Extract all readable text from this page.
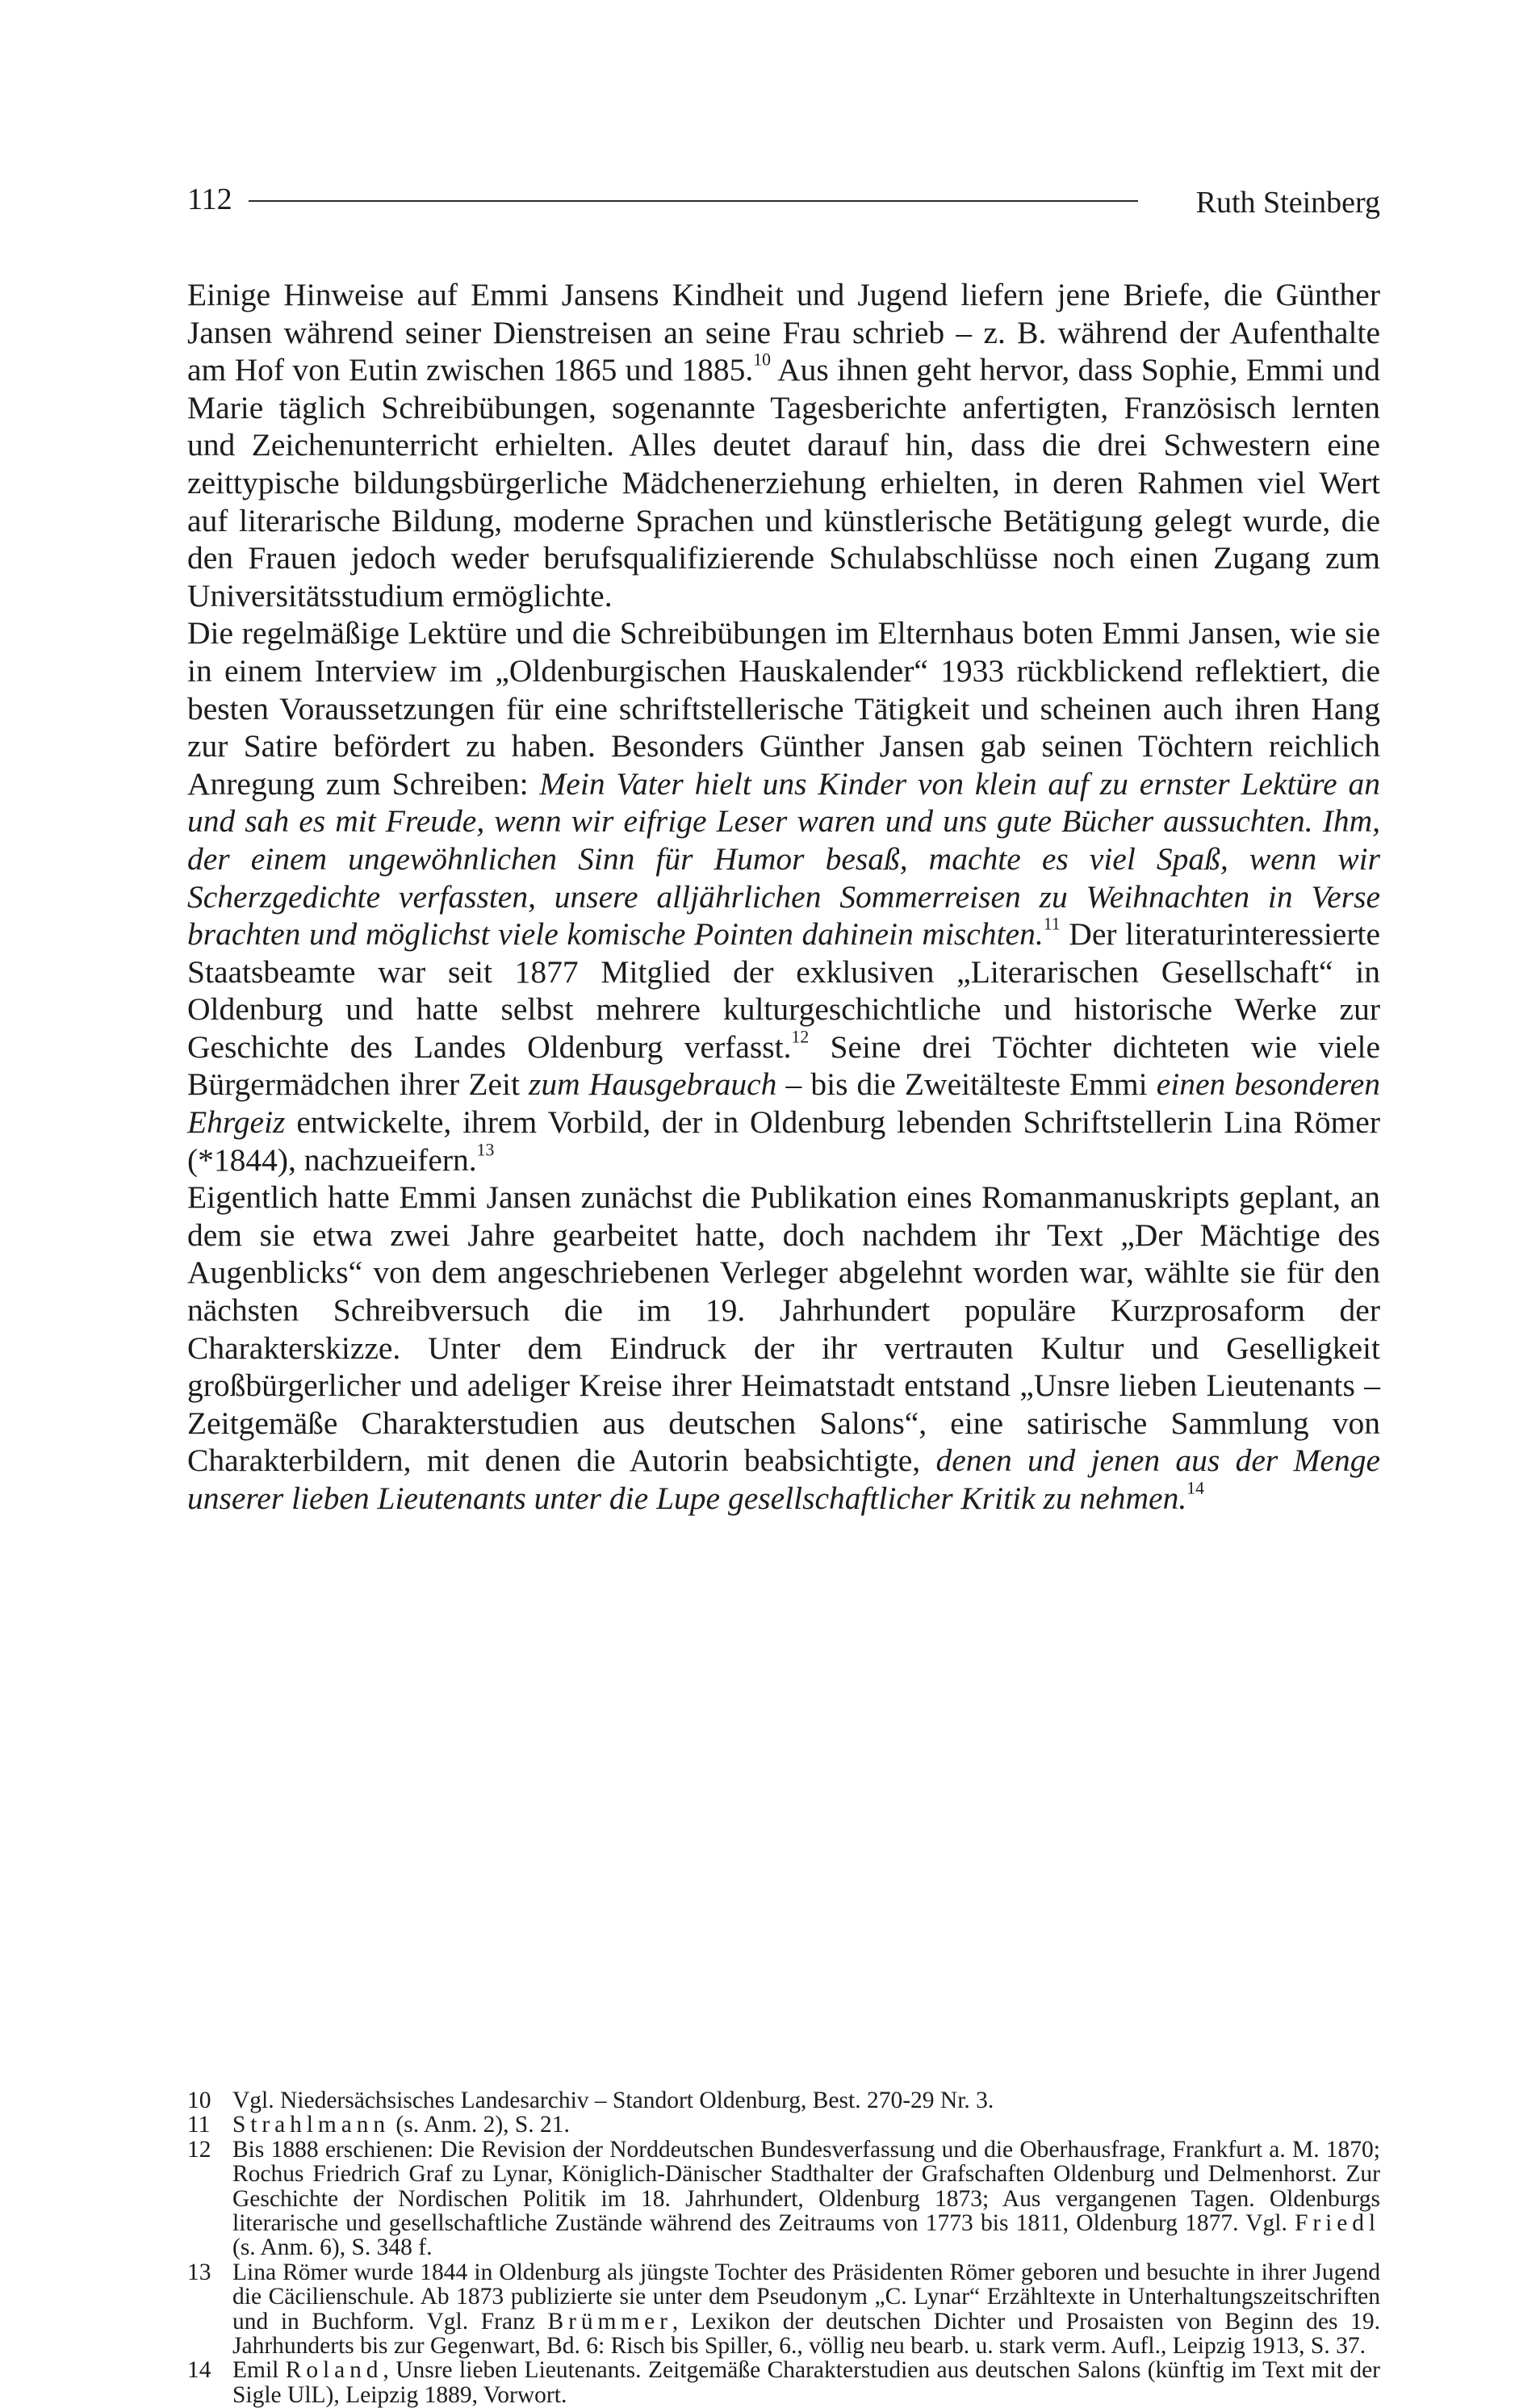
112	Ruth Steinberg

Einige Hinweise auf Emmi Jansens Kindheit und Jugend liefern jene Briefe, die Günther Jansen während seiner Dienstreisen an seine Frau schrieb – z. B. während der Aufenthalte am Hof von Eutin zwischen 1865 und 1885.10 Aus ihnen geht hervor, dass Sophie, Emmi und Marie täglich Schreibübungen, sogenannte Tagesberichte anfertigten, Französisch lernten und Zeichenunterricht erhielten. Alles deutet darauf hin, dass die drei Schwestern eine zeittypische bildungsbürgerliche Mädchenerziehung erhielten, in deren Rahmen viel Wert auf literarische Bildung, moderne Sprachen und künstlerische Betätigung gelegt wurde, die den Frauen jedoch weder berufsqualifizierende Schulabschlüsse noch einen Zugang zum Universitätsstudium ermöglichte.

Die regelmäßige Lektüre und die Schreibübungen im Elternhaus boten Emmi Jansen, wie sie in einem Interview im „Oldenburgischen Hauskalender“ 1933 rückblickend reflektiert, die besten Voraussetzungen für eine schriftstellerische Tätigkeit und scheinen auch ihren Hang zur Satire befördert zu haben. Besonders Günther Jansen gab seinen Töchtern reichlich Anregung zum Schreiben: Mein Vater hielt uns Kinder von klein auf zu ernster Lektüre an und sah es mit Freude, wenn wir eifrige Leser waren und uns gute Bücher aussuchten. Ihm, der einem ungewöhnlichen Sinn für Humor besaß, machte es viel Spaß, wenn wir Scherzgedichte verfassten, unsere alljährlichen Sommerreisen zu Weihnachten in Verse brachten und möglichst viele komische Pointen dahinein mischten.$^{11}$ Der literaturinteressierte Staatsbeamte war seit 1877 Mitglied der exklusiven „Literarischen Gesellschaft“ in Oldenburg und hatte selbst mehrere kulturgeschichtliche und historische Werke zur Geschichte des Landes Oldenburg verfasst.$^{12}$ Seine drei Töchter dichteten wie viele Bürgermädchen ihrer Zeit zum Hausgebrauch – bis die Zweitälteste Emmi einen besonderen Ehrgeiz entwickelte, ihrem Vorbild, der in Oldenburg lebenden Schriftstellerin Lina Römer (*1844), nachzueifern.$^{13}$

Eigentlich hatte Emmi Jansen zunächst die Publikation eines Romanmanuskripts geplant, an dem sie etwa zwei Jahre gearbeitet hatte, doch nachdem ihr Text „Der Mächtige des Augenblicks“ von dem angeschriebenen Verleger abgelehnt worden war, wählte sie für den nächsten Schreibversuch die im 19. Jahrhundert populäre Kurzprosaform der Charakterskizze. Unter dem Eindruck der ihr vertrauten Kultur und Geselligkeit großbürgerlicher und adeliger Kreise ihrer Heimatstadt entstand „Unsre lieben Lieutenants – Zeitgemäße Charakterstudien aus deutschen Salons“, eine satirische Sammlung von Charakterbildern, mit denen die Autorin beabsichtigte, denen und jenen aus der Menge unserer lieben Lieutenants unter die Lupe gesellschaftlicher Kritik zu nehmen.$^{14}$

10 Vgl. Niedersächsisches Landesarchiv – Standort Oldenburg, Best. 270-29 Nr. 3.
11 Strahlmann (s. Anm. 2), S. 21.
12 Bis 1888 erschienen: Die Revision der Norddeutschen Bundesverfassung und die Oberhausfrage, Frankfurt a. M. 1870; Rochus Friedrich Graf zu Lynar, Königlich-Dänischer Stadthalter der Grafschaften Oldenburg und Delmenhorst. Zur Geschichte der Nordischen Politik im 18. Jahrhundert, Oldenburg 1873; Aus vergangenen Tagen. Oldenburgs literarische und gesellschaftliche Zustände während des Zeitraums von 1773 bis 1811, Oldenburg 1877. Vgl. Friedl (s. Anm. 6), S. 348 f.
13 Lina Römer wurde 1844 in Oldenburg als jüngste Tochter des Präsidenten Römer geboren und besuchte in ihrer Jugend die Cäcilienschule. Ab 1873 publizierte sie unter dem Pseudonym „C. Lynar“ Erzähltexte in Unterhaltungszeitschriften und in Buchform. Vgl. Franz Brümmer, Lexikon der deutschen Dichter und Prosaisten von Beginn des 19. Jahrhunderts bis zur Gegenwart, Bd. 6: Risch bis Spiller, 6., völlig neu bearb. u. stark verm. Aufl., Leipzig 1913, S. 37.
14 Emil Roland, Unsre lieben Lieutenants. Zeitgemäße Charakterstudien aus deutschen Salons (künftig im Text mit der Sigle UlL), Leipzig 1889, Vorwort.
